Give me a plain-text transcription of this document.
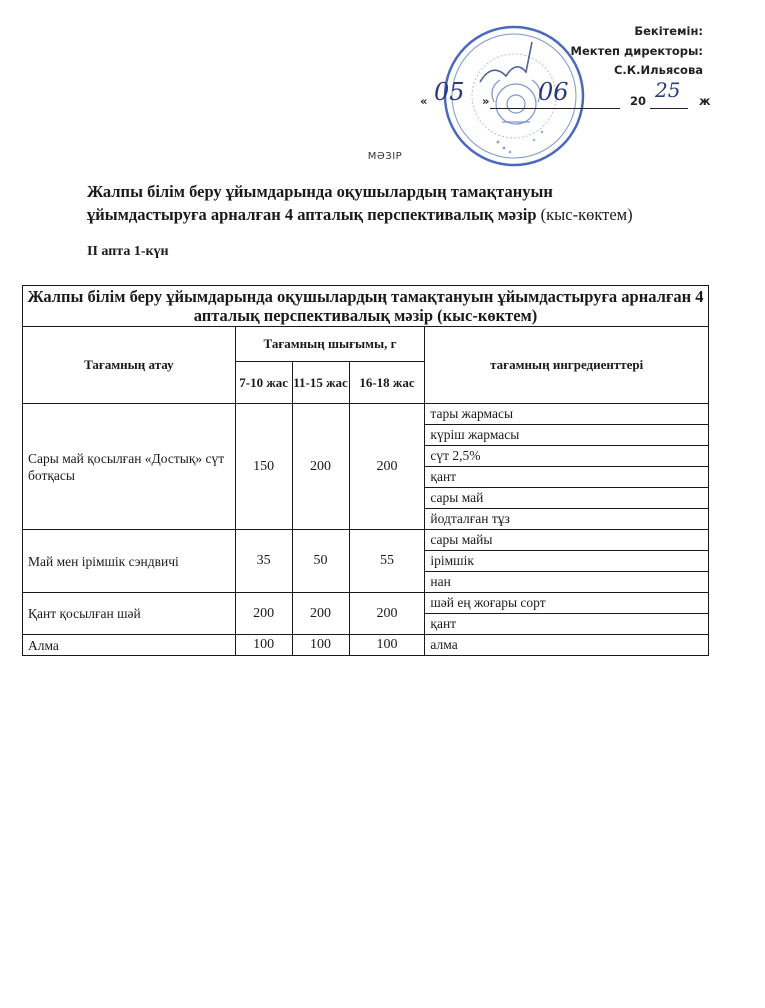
Бекітемін:
Мектеп директоры:
С.К.Ильясова
« 05 » 06	20 25 ж
МӘЗІР
Жалпы білім беру ұйымдарында оқушылардың тамақтануын
ұйымдастыруға арналған 4 апталық перспективалық мәзір (кыс-көктем)
II апта 1-күн
Жалпы білім беру ұйымдарында оқушылардың тамақтануын ұйымдастыруға арналған 4 апталық перспективалық мәзір (кыс-көктем)				
Тағамның атау	Тағамның шығымы, г			тағамның ингредиенттері
	7-10 жас	11-15 жас	16-18 жас	
Сары май қосылған «Достық» сүт ботқасы	150	200	200	тары жармасы
				күріш жармасы
				сүт 2,5%
				қант
				сары май
				йодталған тұз
Май мен ірімшік сэндвичі	35	50	55	сары майы
				ірімшік
				нан
Қант қосылған шәй	200	200	200	шәй ең жоғары сорт
				қант
Алма	100	100	100	алма
